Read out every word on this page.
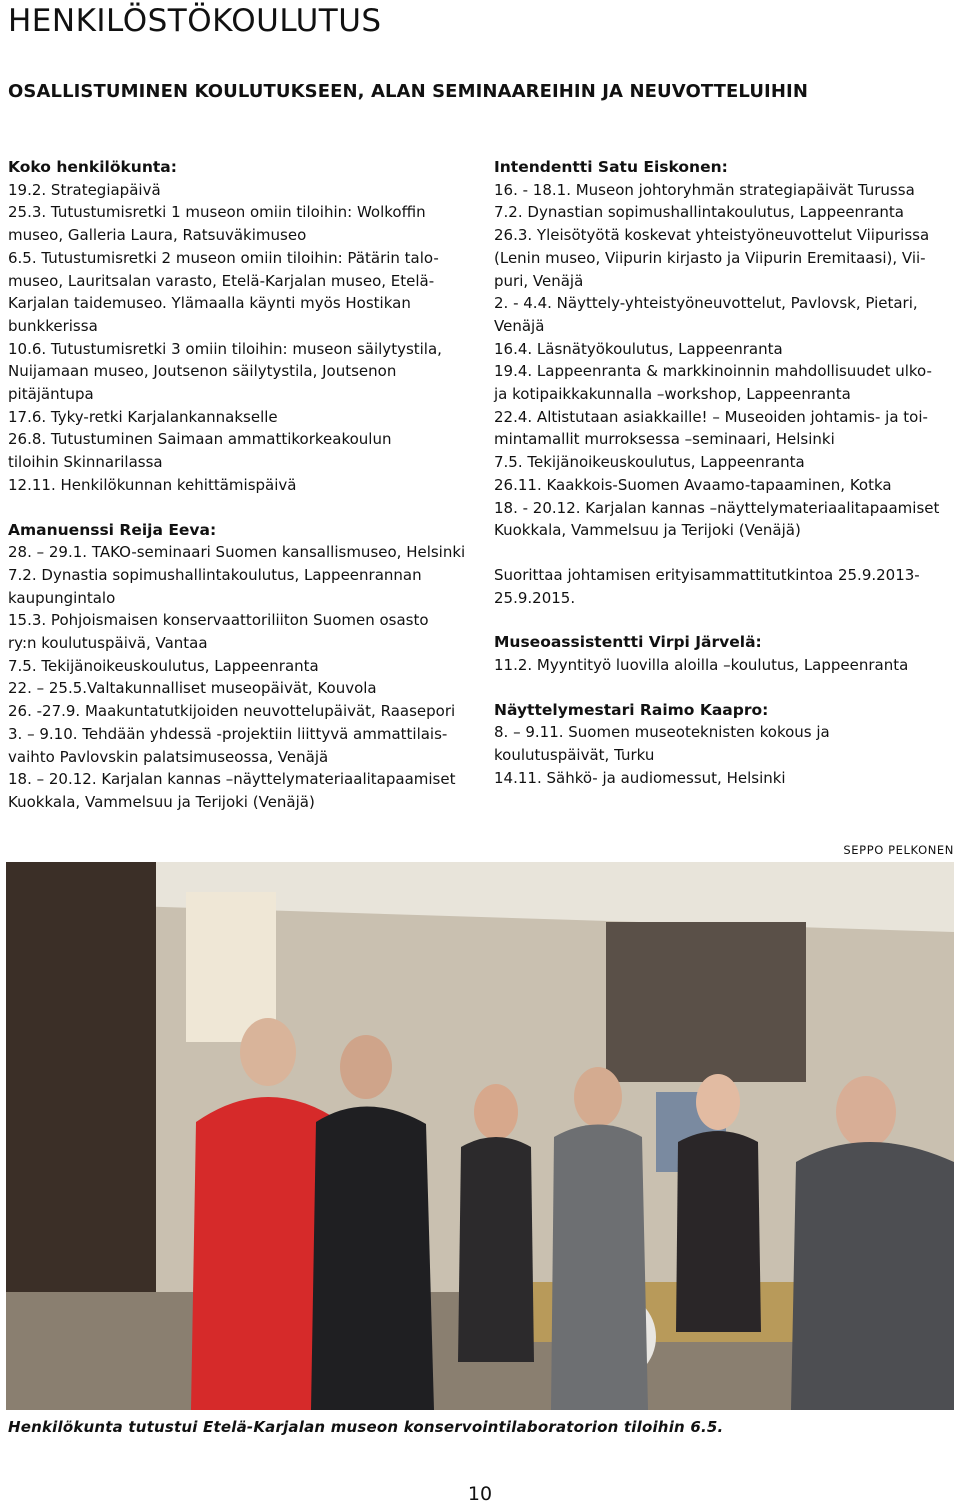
HENKILÖSTÖKOULUTUS
OSALLISTUMINEN KOULUTUKSEEN, ALAN SEMINAAREIHIN JA NEUVOTTELUIHIN

Koko henkilökunta:

19.2. Strategiapäivä

25.3. Tutustumisretki 1 museon omiin tiloihin: Wolkoffin

museo, Galleria Laura, Ratsuväkimuseo

6.5. Tutustumisretki 2 museon omiin tiloihin: Pätärin talo-

museo, Lauritsalan varasto, Etelä-Karjalan museo, Etelä-

Karjalan taidemuseo. Ylämaalla käynti myös Hostikan

bunkkerissa

10.6. Tutustumisretki 3 omiin tiloihin: museon säilytystila,

Nuijamaan museo, Joutsenon säilytystila, Joutsenon

pitäjäntupa

17.6. Tyky-retki Karjalankannakselle

26.8. Tutustuminen Saimaan ammattikorkeakoulun

tiloihin Skinnarilassa

12.11. Henkilökunnan kehittämispäivä

Amanuenssi Reija Eeva:

28. – 29.1. TAKO-seminaari Suomen kansallismuseo, Helsinki

7.2. Dynastia sopimushallintakoulutus, Lappeenrannan

kaupungintalo

15.3. Pohjoismaisen konservaattoriliiton Suomen osasto

ry:n koulutuspäivä, Vantaa

7.5. Tekijänoikeuskoulutus, Lappeenranta

22. – 25.5.Valtakunnalliset museopäivät, Kouvola

26. -27.9. Maakuntatutkijoiden neuvottelupäivät, Raasepori

3. – 9.10. Tehdään yhdessä -projektiin liittyvä ammattilais-

vaihto Pavlovskin palatsimuseossa, Venäjä

18. – 20.12. Karjalan kannas –näyttelymateriaalitapaamiset

Kuokkala, Vammelsuu ja Terijoki (Venäjä)

Intendentti Satu Eiskonen:

16. - 18.1. Museon johtoryhmän strategiapäivät Turussa

7.2. Dynastian sopimushallintakoulutus, Lappeenranta

26.3. Yleisötyötä koskevat yhteistyöneuvottelut Viipurissa

(Lenin museo, Viipurin kirjasto ja Viipurin Eremitaasi), Vii-

puri, Venäjä

2. - 4.4. Näyttely-yhteistyöneuvottelut, Pavlovsk, Pietari,

Venäjä

16.4. Läsnätyökoulutus, Lappeenranta

19.4. Lappeenranta & markkinoinnin mahdollisuudet ulko-

ja kotipaikkakunnalla –workshop, Lappeenranta

22.4. Altistutaan asiakkaille! – Museoiden johtamis- ja toi-

mintamallit murroksessa –seminaari, Helsinki

7.5. Tekijänoikeuskoulutus, Lappeenranta

26.11. Kaakkois-Suomen Avaamo-tapaaminen, Kotka

18. - 20.12. Karjalan kannas –näyttelymateriaalitapaamiset

Kuokkala, Vammelsuu ja Terijoki (Venäjä)

Suorittaa johtamisen erityisammattitutkintoa 25.9.2013-

25.9.2015.

Museoassistentti Virpi Järvelä:

11.2. Myyntityö luovilla aloilla –koulutus, Lappeenranta

Näyttelymestari Raimo Kaapro:

8. – 9.11. Suomen museoteknisten kokous ja

koulutuspäivät, Turku

14.11. Sähkö- ja audiomessut, Helsinki

SEPPO PELKONEN

Henkilökunta tutustui Etelä-Karjalan museon konservointilaboratorion tiloihin 6.5.

10
